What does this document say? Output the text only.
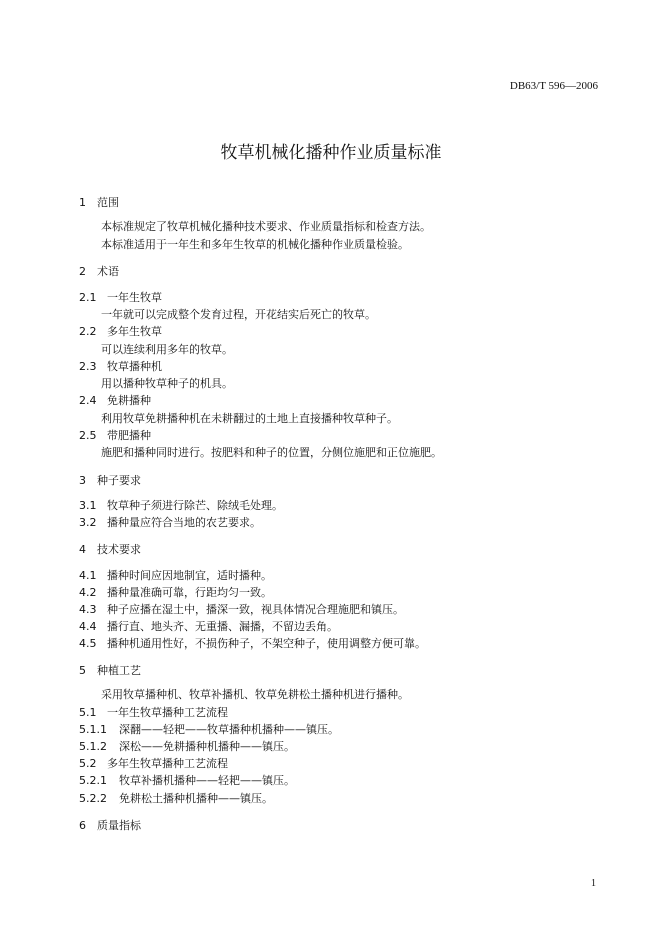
DB63/T 596—2006
牧草机械化播种作业质量标准
1 范围
本标准规定了牧草机械化播种技术要求、作业质量指标和检查方法。
本标准适用于一年生和多年生牧草的机械化播种作业质量检验。
2 术语
2.1 一年生牧草
一年就可以完成整个发育过程，开花结实后死亡的牧草。
2.2 多年生牧草
可以连续利用多年的牧草。
2.3 牧草播种机
用以播种牧草种子的机具。
2.4 免耕播种
利用牧草免耕播种机在未耕翻过的土地上直接播种牧草种子。
2.5 带肥播种
施肥和播种同时进行。按肥料和种子的位置，分侧位施肥和正位施肥。
3 种子要求
3.1 牧草种子须进行除芒、除绒毛处理。
3.2 播种量应符合当地的农艺要求。
4 技术要求
4.1 播种时间应因地制宜，适时播种。
4.2 播种量准确可靠，行距均匀一致。
4.3 种子应播在湿土中，播深一致，视具体情况合理施肥和镇压。
4.4 播行直、地头齐、无重播、漏播，不留边丢角。
4.5 播种机通用性好，不损伤种子，不架空种子，使用调整方便可靠。
5 种植工艺
采用牧草播种机、牧草补播机、牧草免耕松土播种机进行播种。
5.1 一年生牧草播种工艺流程
5.1.1 深翻——轻耙——牧草播种机播种——镇压。
5.1.2 深松——免耕播种机播种——镇压。
5.2 多年生牧草播种工艺流程
5.2.1 牧草补播机播种——轻耙——镇压。
5.2.2 免耕松土播种机播种——镇压。
6 质量指标
1
